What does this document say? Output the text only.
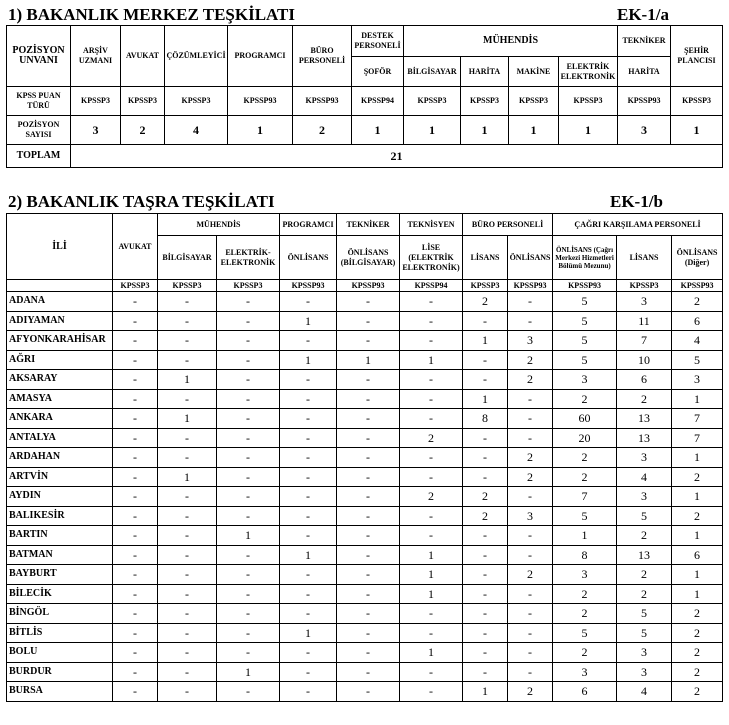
1) BAKANLIK MERKEZ TEŞKİLATI	EK-1/a
POZİSYON UNVANI	ARŞİV UZMANI	AVUKAT	ÇÖZÜMLEYİCİ	PROGRAMCI	BÜRO PERSONELİ	DESTEK PERSONELİ	MÜHENDİS				TEKNİKER	ŞEHİR PLANCISI
						ŞOFÖR	BİLGİSAYAR	HARİTA	MAKİNE	ELEKTRİK ELEKTRONİK	HARİTA	
KPSS PUAN TÜRÜ	KPSSP3	KPSSP3	KPSSP3	KPSSP93	KPSSP93	KPSSP94	KPSSP3	KPSSP3	KPSSP3	KPSSP3	KPSSP93	KPSSP3
POZİSYON SAYISI	3	2	4	1	2	1	1	1	1	1	3	1
TOPLAM	21											
2) BAKANLIK TAŞRA TEŞKİLATI	EK-1/b
İLİ	AVUKAT	MÜHENDİS		PROGRAMCI	TEKNİKER	TEKNİSYEN	BÜRO PERSONELİ		ÇAĞRI KARŞILAMA PERSONELİ		
		BİLGİSAYAR	ELEKTRİK-ELEKTRONİK	ÖNLİSANS	ÖNLİSANS (BİLGİSAYAR)	LİSE (ELEKTRİK ELEKTRONİK)	LİSANS	ÖNLİSANS	ÖNLİSANS (Çağrı Merkezi Hizmetleri Bölümü Mezunu)	LİSANS	ÖNLİSANS (Diğer)
	KPSSP3	KPSSP3	KPSSP3	KPSSP93	KPSSP93	KPSSP94	KPSSP3	KPSSP93	KPSSP93	KPSSP3	KPSSP93
ADANA	-	-	-	-	-	-	2	-	5	3	2
ADIYAMAN	-	-	-	1	-	-	-	-	5	11	6
AFYONKARAHİSAR	-	-	-	-	-	-	1	3	5	7	4
AĞRI	-	-	-	1	1	1	-	2	5	10	5
AKSARAY	-	1	-	-	-	-	-	2	3	6	3
AMASYA	-	-	-	-	-	-	1	-	2	2	1
ANKARA	-	1	-	-	-	-	8	-	60	13	7
ANTALYA	-	-	-	-	-	2	-	-	20	13	7
ARDAHAN	-	-	-	-	-	-	-	2	2	3	1
ARTVİN	-	1	-	-	-	-	-	2	2	4	2
AYDIN	-	-	-	-	-	2	2	-	7	3	1
BALIKESİR	-	-	-	-	-	-	2	3	5	5	2
BARTIN	-	-	1	-	-	-	-	-	1	2	1
BATMAN	-	-	-	1	-	1	-	-	8	13	6
BAYBURT	-	-	-	-	-	1	-	2	3	2	1
BİLECİK	-	-	-	-	-	1	-	-	2	2	1
BİNGÖL	-	-	-	-	-	-	-	-	2	5	2
BİTLİS	-	-	-	1	-	-	-	-	5	5	2
BOLU	-	-	-	-	-	1	-	-	2	3	2
BURDUR	-	-	1	-	-	-	-	-	3	3	2
BURSA	-	-	-	-	-	-	1	2	6	4	2
